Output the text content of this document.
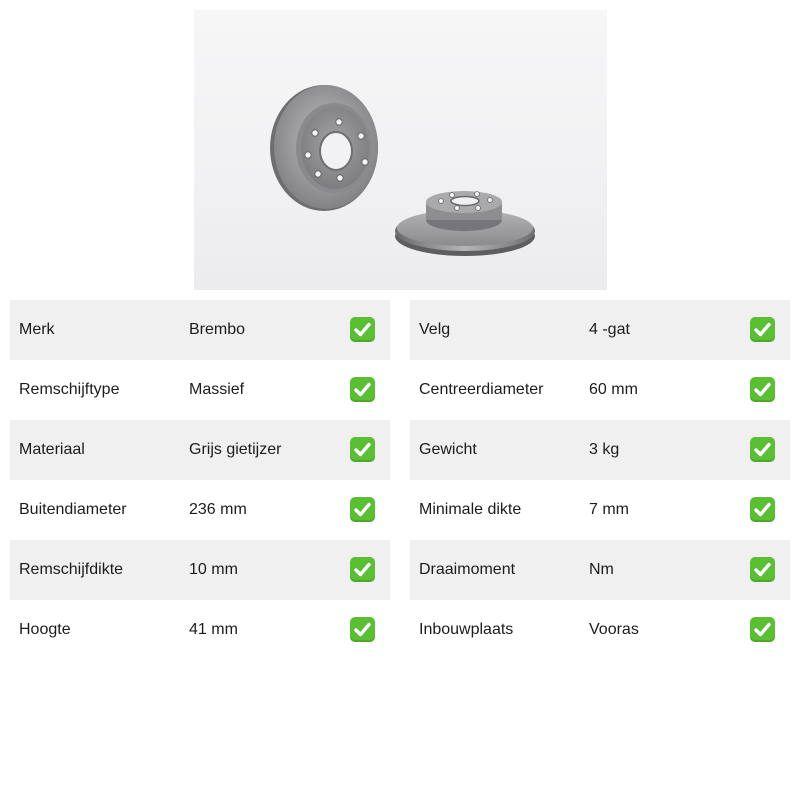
Merk	Brembo
Remschijftype	Massief
Materiaal	Grijs gietijzer
Buitendiameter	236 mm
Remschijfdikte	10 mm
Hoogte	41 mm
Velg	4 -gat
Centreerdiameter	60 mm
Gewicht	3 kg
Minimale dikte	7 mm
Draaimoment	Nm
Inbouwplaats	Vooras
